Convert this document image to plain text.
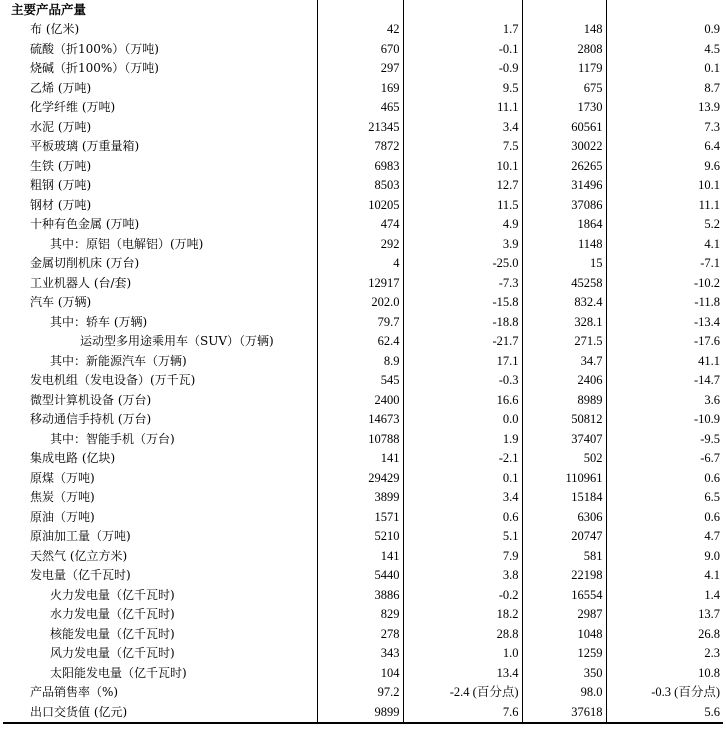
主要产品产量				
布 (亿米)	42	1.7	148	0.9
硫酸（折100%）（万吨)	670	-0.1	2808	4.5
烧碱（折100%）（万吨)	297	-0.9	1179	0.1
乙烯 (万吨)	169	9.5	675	8.7
化学纤维 (万吨)	465	11.1	1730	13.9
水泥 (万吨)	21345	3.4	60561	7.3
平板玻璃 (万重量箱)	7872	7.5	30022	6.4
生铁 (万吨)	6983	10.1	26265	9.6
粗钢 (万吨)	8503	12.7	31496	10.1
钢材 (万吨)	10205	11.5	37086	11.1
十种有色金属 (万吨)	474	4.9	1864	5.2
其中：原铝（电解铝）(万吨)	292	3.9	1148	4.1
金属切削机床 (万台)	4	-25.0	15	-7.1
工业机器人 (台/套)	12917	-7.3	45258	-10.2
汽车 (万辆)	202.0	-15.8	832.4	-11.8
其中：轿车 (万辆)	79.7	-18.8	328.1	-13.4
运动型多用途乘用车（SUV）（万辆)	62.4	-21.7	271.5	-17.6
其中：新能源汽车（万辆)	8.9	17.1	34.7	41.1
发电机组（发电设备）(万千瓦)	545	-0.3	2406	-14.7
微型计算机设备 (万台)	2400	16.6	8989	3.6
移动通信手持机 (万台)	14673	0.0	50812	-10.9
其中：智能手机（万台)	10788	1.9	37407	-9.5
集成电路 (亿块)	141	-2.1	502	-6.7
原煤（万吨)	29429	0.1	110961	0.6
焦炭（万吨)	3899	3.4	15184	6.5
原油（万吨)	1571	0.6	6306	0.6
原油加工量（万吨)	5210	5.1	20747	4.7
天然气 (亿立方米)	141	7.9	581	9.0
发电量（亿千瓦时)	5440	3.8	22198	4.1
火力发电量（亿千瓦时)	3886	-0.2	16554	1.4
水力发电量（亿千瓦时)	829	18.2	2987	13.7
核能发电量（亿千瓦时)	278	28.8	1048	26.8
风力发电量（亿千瓦时)	343	1.0	1259	2.3
太阳能发电量（亿千瓦时)	104	13.4	350	10.8
产品销售率（%)	97.2	-2.4 (百分点)	98.0	-0.3 (百分点)
出口交货值 (亿元)	9899	7.6	37618	5.6
